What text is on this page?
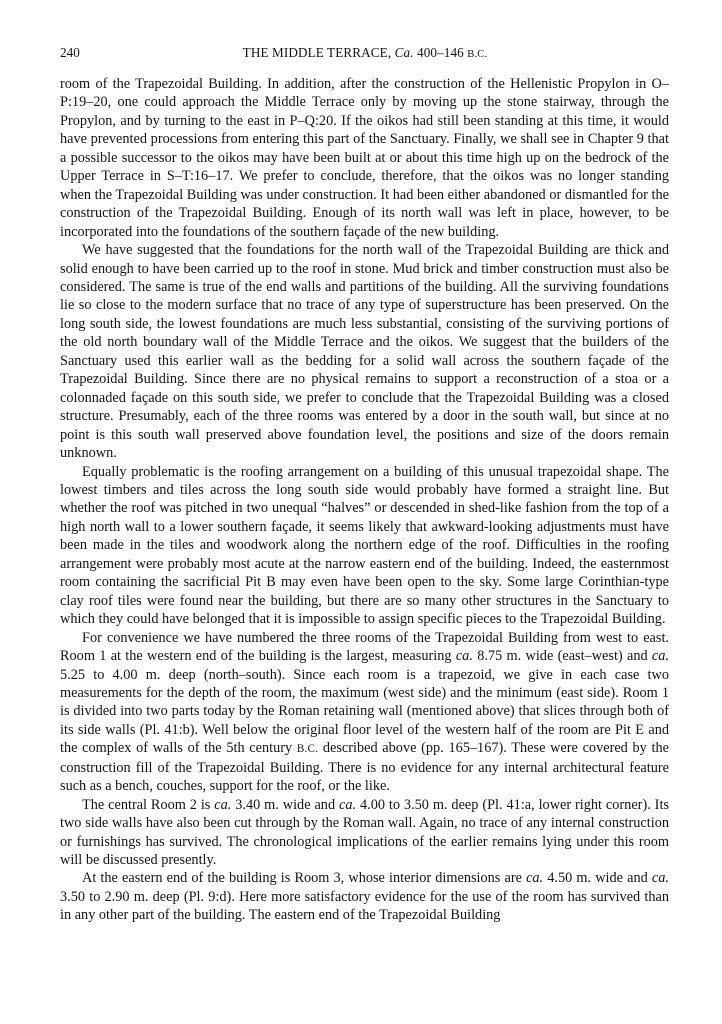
240	THE MIDDLE TERRACE, Ca. 400–146 B.C.

room of the Trapezoidal Building. In addition, after the construction of the Hellenistic Propylon in O–P:19–20, one could approach the Middle Terrace only by moving up the stone stairway, through the Propylon, and by turning to the east in P–Q:20. If the oikos had still been standing at this time, it would have prevented processions from entering this part of the Sanctuary. Finally, we shall see in Chapter 9 that a possible successor to the oikos may have been built at or about this time high up on the bedrock of the Upper Terrace in S–T:16–17. We prefer to conclude, therefore, that the oikos was no longer standing when the Trapezoidal Building was under construction. It had been either abandoned or dismantled for the construction of the Trapezoidal Building. Enough of its north wall was left in place, however, to be incorporated into the foundations of the southern façade of the new building.

We have suggested that the foundations for the north wall of the Trapezoidal Building are thick and solid enough to have been carried up to the roof in stone. Mud brick and timber construction must also be considered. The same is true of the end walls and partitions of the building. All the surviving foundations lie so close to the modern surface that no trace of any type of superstructure has been preserved. On the long south side, the lowest foundations are much less substantial, consisting of the surviving portions of the old north boundary wall of the Middle Terrace and the oikos. We suggest that the builders of the Sanctuary used this earlier wall as the bedding for a solid wall across the southern façade of the Trapezoidal Building. Since there are no physical remains to support a reconstruction of a stoa or a colonnaded façade on this south side, we prefer to conclude that the Trapezoidal Building was a closed structure. Presumably, each of the three rooms was entered by a door in the south wall, but since at no point is this south wall preserved above foundation level, the positions and size of the doors remain unknown.

Equally problematic is the roofing arrangement on a building of this unusual trapezoidal shape. The lowest timbers and tiles across the long south side would probably have formed a straight line. But whether the roof was pitched in two unequal “halves” or descended in shed-like fashion from the top of a high north wall to a lower southern façade, it seems likely that awkward-looking adjustments must have been made in the tiles and woodwork along the northern edge of the roof. Difficulties in the roofing arrangement were probably most acute at the narrow eastern end of the building. Indeed, the easternmost room containing the sacrificial Pit B may even have been open to the sky. Some large Corinthian-type clay roof tiles were found near the building, but there are so many other structures in the Sanctuary to which they could have belonged that it is impossible to assign specific pieces to the Trapezoidal Building.

For convenience we have numbered the three rooms of the Trapezoidal Building from west to east. Room 1 at the western end of the building is the largest, measuring ca. 8.75 m. wide (east–west) and ca. 5.25 to 4.00 m. deep (north–south). Since each room is a trapezoid, we give in each case two measurements for the depth of the room, the maximum (west side) and the minimum (east side). Room 1 is divided into two parts today by the Roman retaining wall (mentioned above) that slices through both of its side walls (Pl. 41:b). Well below the original floor level of the western half of the room are Pit E and the complex of walls of the 5th century B.C. described above (pp. 165–167). These were covered by the construction fill of the Trapezoidal Building. There is no evidence for any internal architectural feature such as a bench, couches, support for the roof, or the like.

The central Room 2 is ca. 3.40 m. wide and ca. 4.00 to 3.50 m. deep (Pl. 41:a, lower right corner). Its two side walls have also been cut through by the Roman wall. Again, no trace of any internal construction or furnishings has survived. The chronological implications of the earlier remains lying under this room will be discussed presently.

At the eastern end of the building is Room 3, whose interior dimensions are ca. 4.50 m. wide and ca. 3.50 to 2.90 m. deep (Pl. 9:d). Here more satisfactory evidence for the use of the room has survived than in any other part of the building. The eastern end of the Trapezoidal Building
